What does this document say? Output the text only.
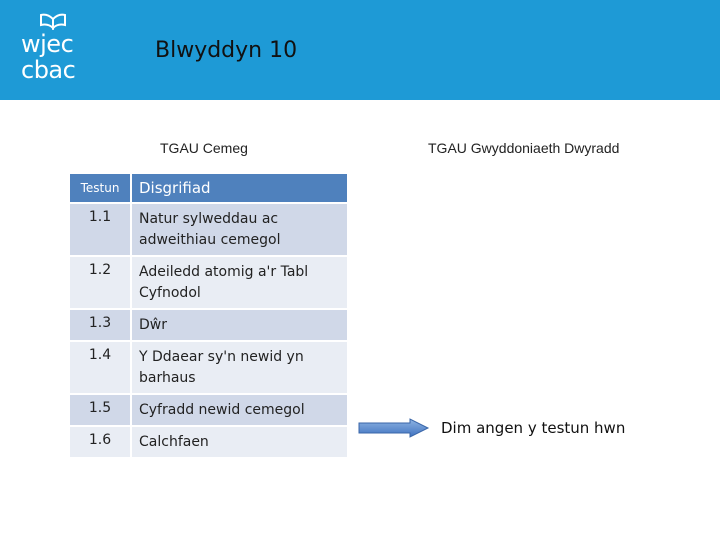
wjec
cbac
Blwyddyn 10
TGAU Cemeg	TGAU Gwyddoniaeth Dwyradd
Testun	Disgrifiad
1.1	Natur sylweddau ac adweithiau cemegol
1.2	Adeiledd atomig a'r Tabl Cyfnodol
1.3	Dŵr
1.4	Y Ddaear sy'n newid yn barhaus
1.5	Cyfradd newid cemegol
1.6	Calchfaen
Dim angen y testun hwn
